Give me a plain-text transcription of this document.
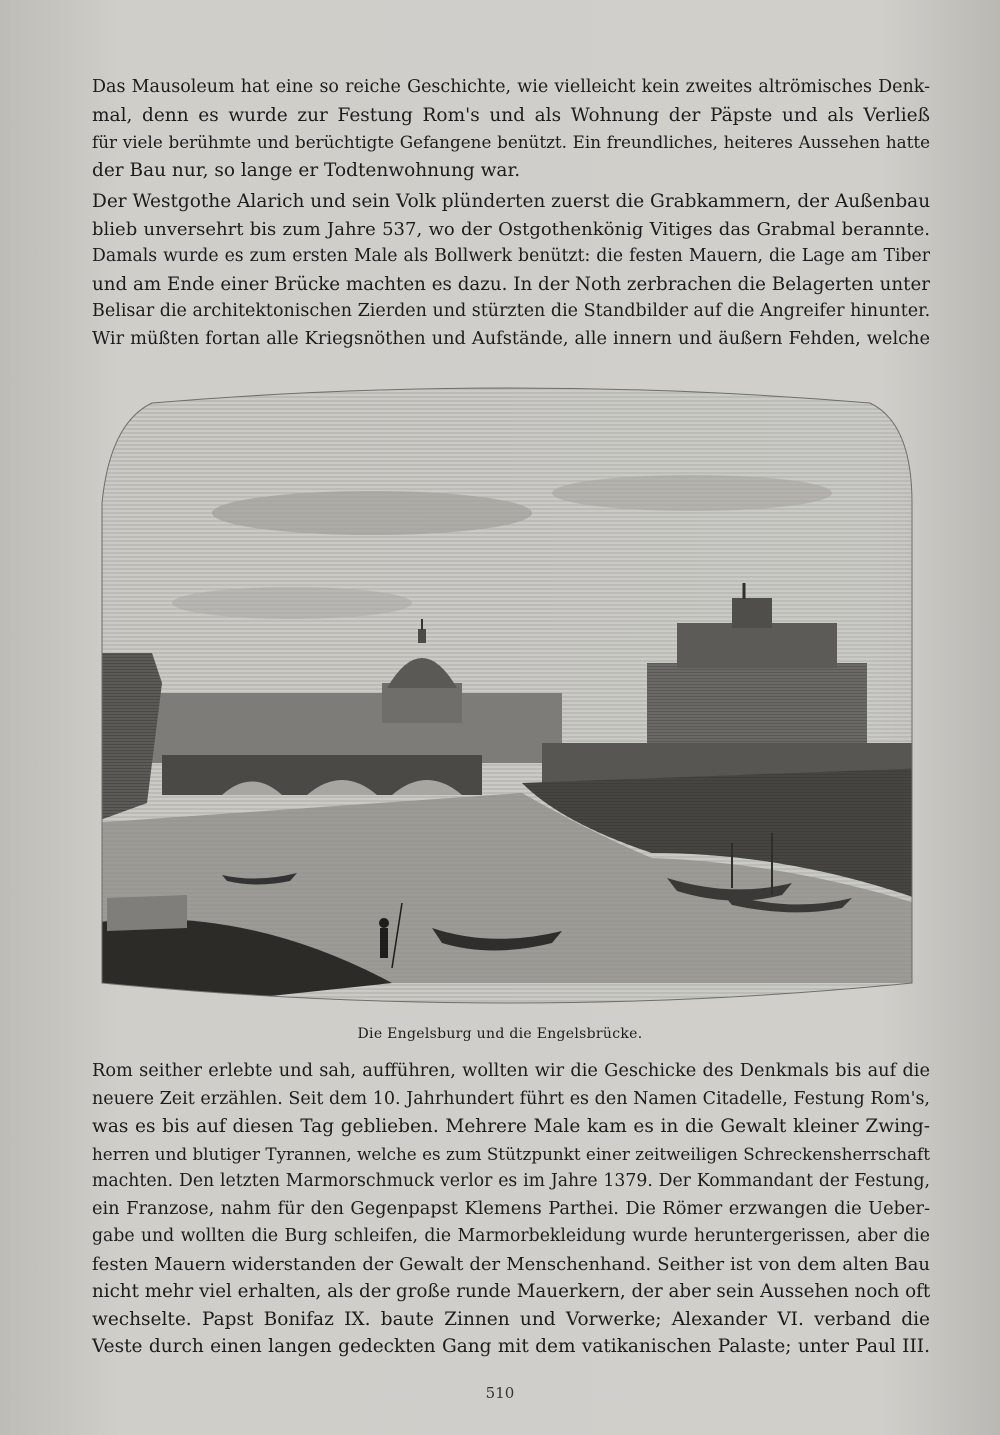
Das Mausoleum hat eine so reiche Geschichte, wie vielleicht kein zweites altrömisches Denk-
mal, denn es wurde zur Festung Rom's und als Wohnung der Päpste und als Verließ
für viele berühmte und berüchtigte Gefangene benützt. Ein freundliches, heiteres Aussehen hatte
der Bau nur, so lange er Todtenwohnung war.

Der Westgothe Alarich und sein Volk plünderten zuerst die Grabkammern, der Außenbau
blieb unversehrt bis zum Jahre 537, wo der Ostgothenkönig Vitiges das Grabmal berannte.
Damals wurde es zum ersten Male als Bollwerk benützt: die festen Mauern, die Lage am Tiber
und am Ende einer Brücke machten es dazu. In der Noth zerbrachen die Belagerten unter
Belisar die architektonischen Zierden und stürzten die Standbilder auf die Angreifer hinunter.
Wir müßten fortan alle Kriegsnöthen und Aufstände, alle innern und äußern Fehden, welche

Die Engelsburg und die Engelsbrücke.

Rom seither erlebte und sah, aufführen, wollten wir die Geschicke des Denkmals bis auf die
neuere Zeit erzählen. Seit dem 10. Jahrhundert führt es den Namen Citadelle, Festung Rom's,
was es bis auf diesen Tag geblieben. Mehrere Male kam es in die Gewalt kleiner Zwing-
herren und blutiger Tyrannen, welche es zum Stützpunkt einer zeitweiligen Schreckensherrschaft
machten. Den letzten Marmorschmuck verlor es im Jahre 1379. Der Kommandant der Festung,
ein Franzose, nahm für den Gegenpapst Klemens Parthei. Die Römer erzwangen die Ueber-
gabe und wollten die Burg schleifen, die Marmorbekleidung wurde heruntergerissen, aber die
festen Mauern widerstanden der Gewalt der Menschenhand. Seither ist von dem alten Bau
nicht mehr viel erhalten, als der große runde Mauerkern, der aber sein Aussehen noch oft
wechselte. Papst Bonifaz IX. baute Zinnen und Vorwerke; Alexander VI. verband die
Veste durch einen langen gedeckten Gang mit dem vatikanischen Palaste; unter Paul III.

510
